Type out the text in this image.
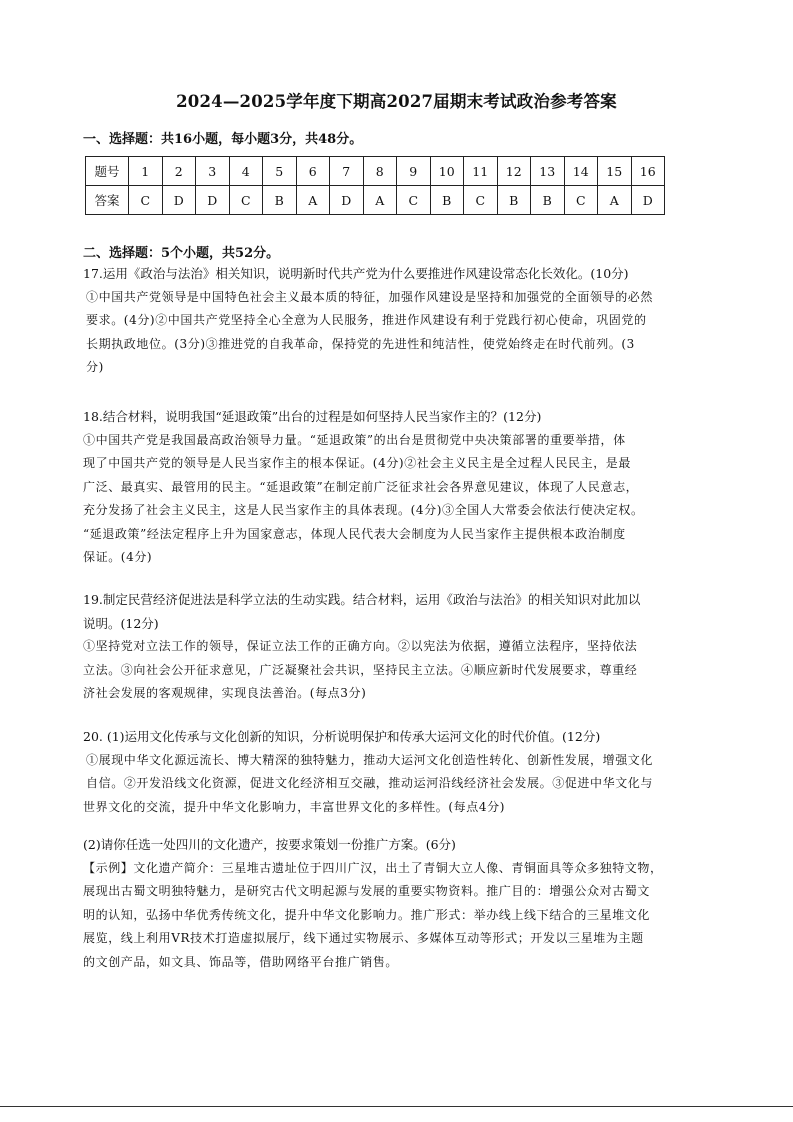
2024—2025学年度下期高2027届期末考试政治参考答案
一、选择题：共16小题，每小题3分，共48分。
题号	1	2	3	4	5	6	7	8	9	10	11	12	13	14	15	16
答案	C	D	D	C	B	A	D	A	C	B	C	B	B	C	A	D
二、选择题：5个小题，共52分。

17.运用《政治与法治》相关知识，说明新时代共产党为什么要推进作风建设常态化长效化。(10分)

①中国共产党领导是中国特色社会主义最本质的特征，加强作风建设是坚持和加强党的全面领导的必然

要求。(4分)②中国共产党坚持全心全意为人民服务，推进作风建设有利于党践行初心使命，巩固党的

长期执政地位。(3分)③推进党的自我革命，保持党的先进性和纯洁性，使党始终走在时代前列。(3

分)

18.结合材料，说明我国“延退政策”出台的过程是如何坚持人民当家作主的？(12分)

①中国共产党是我国最高政治领导力量。“延退政策”的出台是贯彻党中央决策部署的重要举措，体

现了中国共产党的领导是人民当家作主的根本保证。(4分)②社会主义民主是全过程人民民主，是最

广泛、最真实、最管用的民主。“延退政策”在制定前广泛征求社会各界意见建议，体现了人民意志，

充分发扬了社会主义民主，这是人民当家作主的具体表现。(4分)③全国人大常委会依法行使决定权。

“延退政策”经法定程序上升为国家意志，体现人民代表大会制度为人民当家作主提供根本政治制度

保证。(4分)

19.制定民营经济促进法是科学立法的生动实践。结合材料，运用《政治与法治》的相关知识对此加以

说明。(12分)

①坚持党对立法工作的领导，保证立法工作的正确方向。②以宪法为依据，遵循立法程序，坚持依法

立法。③向社会公开征求意见，广泛凝聚社会共识，坚持民主立法。④顺应新时代发展要求，尊重经

济社会发展的客观规律，实现良法善治。(每点3分)

20. (1)运用文化传承与文化创新的知识，分析说明保护和传承大运河文化的时代价值。(12分)

①展现中华文化源远流长、博大精深的独特魅力，推动大运河文化创造性转化、创新性发展，增强文化

自信。②开发沿线文化资源，促进文化经济相互交融，推动运河沿线经济社会发展。③促进中华文化与

世界文化的交流，提升中华文化影响力，丰富世界文化的多样性。(每点4分)

(2)请你任选一处四川的文化遗产，按要求策划一份推广方案。(6分)

【示例】文化遗产简介：三星堆古遗址位于四川广汉，出土了青铜大立人像、青铜面具等众多独特文物，

展现出古蜀文明独特魅力，是研究古代文明起源与发展的重要实物资料。推广目的：增强公众对古蜀文

明的认知，弘扬中华优秀传统文化，提升中华文化影响力。推广形式：举办线上线下结合的三星堆文化

展览，线上利用VR技术打造虚拟展厅，线下通过实物展示、多媒体互动等形式；开发以三星堆为主题

的文创产品，如文具、饰品等，借助网络平台推广销售。
